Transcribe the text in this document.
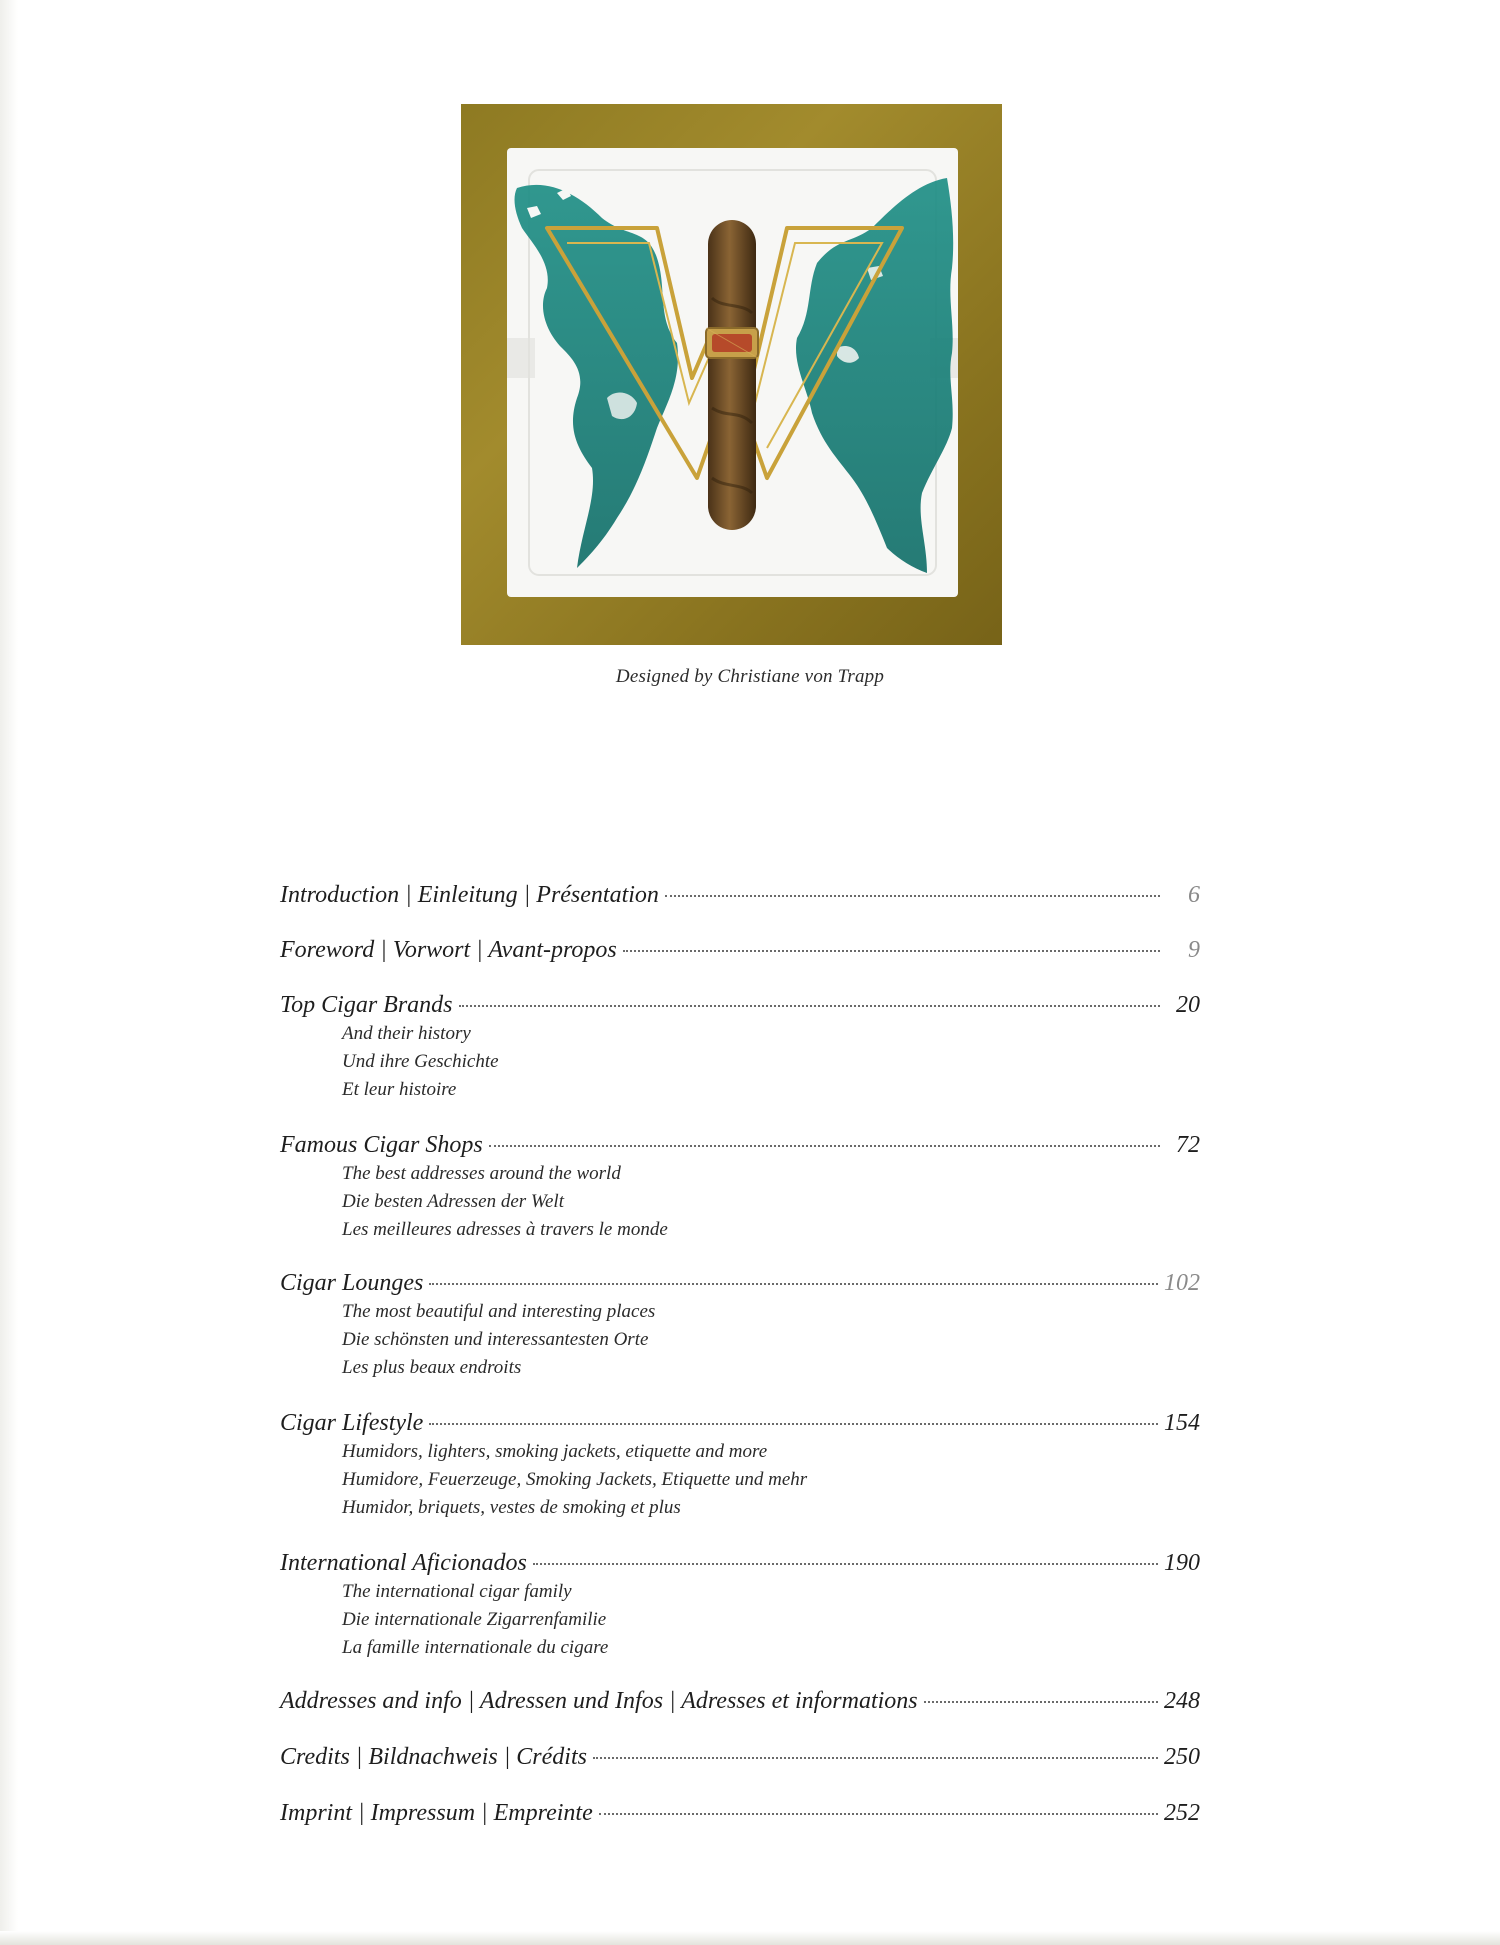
Designed by Christiane von Trapp
Introduction | Einleitung | Présentation	6
Foreword | Vorwort | Avant-propos	9
Top Cigar Brands	20
And their history
Und ihre Geschichte
Et leur histoire
Famous Cigar Shops	72
The best addresses around the world
Die besten Adressen der Welt
Les meilleures adresses à travers le monde
Cigar Lounges	102
The most beautiful and interesting places
Die schönsten und interessantesten Orte
Les plus beaux endroits
Cigar Lifestyle	154
Humidors, lighters, smoking jackets, etiquette and more
Humidore, Feuerzeuge, Smoking Jackets, Etiquette und mehr
Humidor, briquets, vestes de smoking et plus
International Aficionados	190
The international cigar family
Die internationale Zigarrenfamilie
La famille internationale du cigare
Addresses and info | Adressen und Infos | Adresses et informations	248
Credits | Bildnachweis | Crédits	250
Imprint | Impressum | Empreinte	252
